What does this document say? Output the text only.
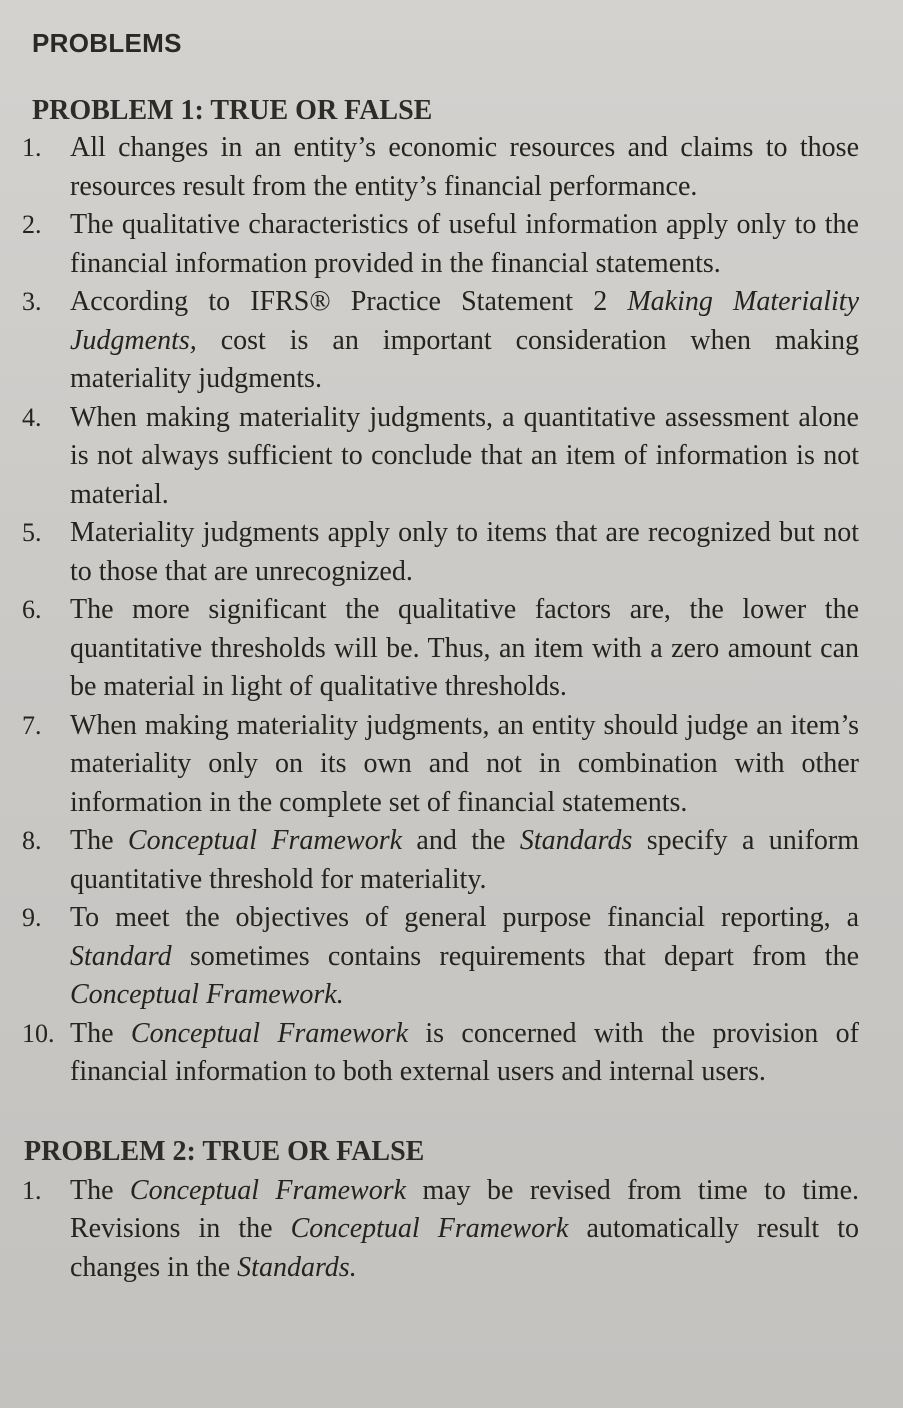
PROBLEMS
PROBLEM 1: TRUE OR FALSE
1.	All changes in an entity’s economic resources and claims to those resources result from the entity’s financial performance.
2.	The qualitative characteristics of useful information apply only to the financial information provided in the financial statements.
3.	According to IFRS® Practice Statement 2 Making Materiality Judgments, cost is an important consideration when making materiality judgments.
4.	When making materiality judgments, a quantitative assessment alone is not always sufficient to conclude that an item of information is not material.
5.	Materiality judgments apply only to items that are recognized but not to those that are unrecognized.
6.	The more significant the qualitative factors are, the lower the quantitative thresholds will be. Thus, an item with a zero amount can be material in light of qualitative thresholds.
7.	When making materiality judgments, an entity should judge an item’s materiality only on its own and not in combination with other information in the complete set of financial statements.
8.	The Conceptual Framework and the Standards specify a uniform quantitative threshold for materiality.
9.	To meet the objectives of general purpose financial reporting, a Standard sometimes contains requirements that depart from the Conceptual Framework.
10. The Conceptual Framework is concerned with the provision of financial information to both external users and internal users.
PROBLEM 2: TRUE OR FALSE
1.	The Conceptual Framework may be revised from time to time. Revisions in the Conceptual Framework automatically result to changes in the Standards.
